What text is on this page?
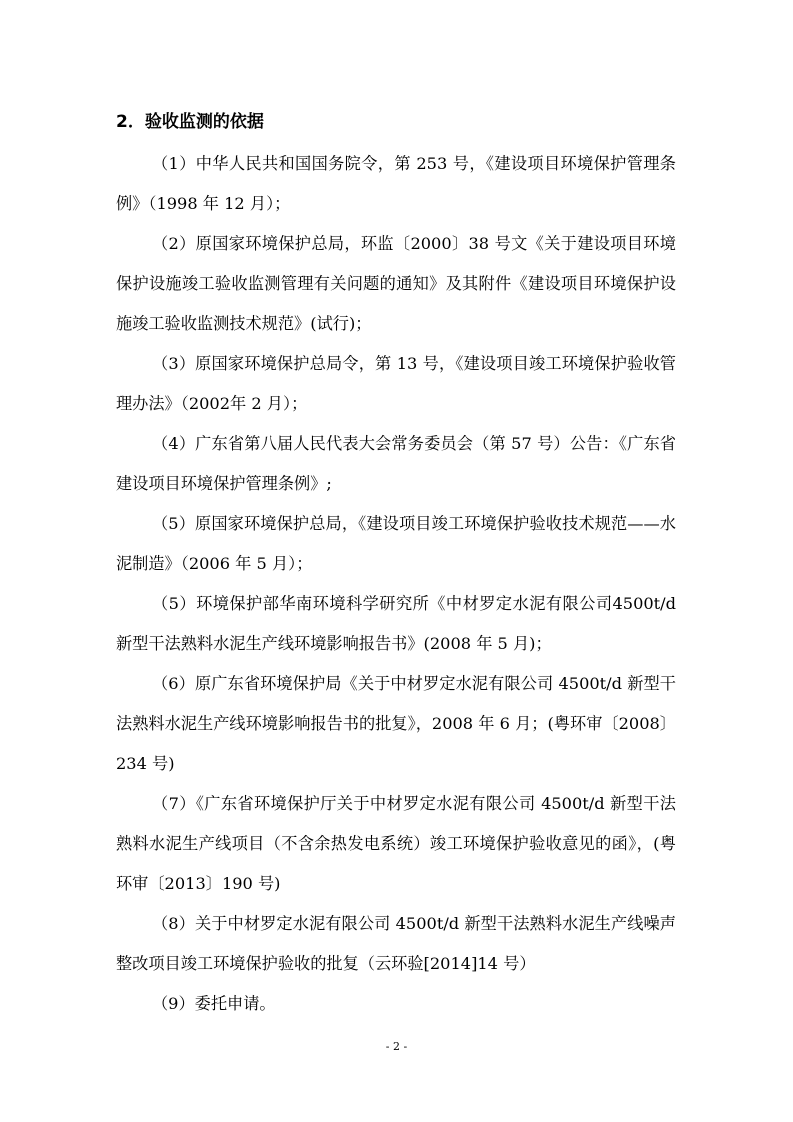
2．验收监测的依据
（1）中华人民共和国国务院令，第 253 号，《建设项目环境保护管理条例》（1998 年 12 月）；
（2）原国家环境保护总局，环监〔2000〕38 号文《关于建设项目环境保护设施竣工验收监测管理有关问题的通知》及其附件《建设项目环境保护设施竣工验收监测技术规范》(试行)；
（3）原国家环境保护总局令，第 13 号，《建设项目竣工环境保护验收管理办法》（2002年 2 月）；
（4）广东省第八届人民代表大会常务委员会（第 57 号）公告：《广东省建设项目环境保护管理条例》;
（5）原国家环境保护总局，《建设项目竣工环境保护验收技术规范——水泥制造》（2006 年 5 月）；
（5）环境保护部华南环境科学研究所《中材罗定水泥有限公司4500t/d 新型干法熟料水泥生产线环境影响报告书》(2008 年 5 月)；
（6）原广东省环境保护局《关于中材罗定水泥有限公司 4500t/d 新型干法熟料水泥生产线环境影响报告书的批复》，2008 年 6 月；(粤环审〔2008〕234 号)
（7）《广东省环境保护厅关于中材罗定水泥有限公司 4500t/d 新型干法熟料水泥生产线项目（不含余热发电系统）竣工环境保护验收意见的函》，(粤环审〔2013〕190 号)
（8）关于中材罗定水泥有限公司 4500t/d 新型干法熟料水泥生产线噪声整改项目竣工环境保护验收的批复（云环验[2014]14 号）
（9）委托申请。
- 2 -
